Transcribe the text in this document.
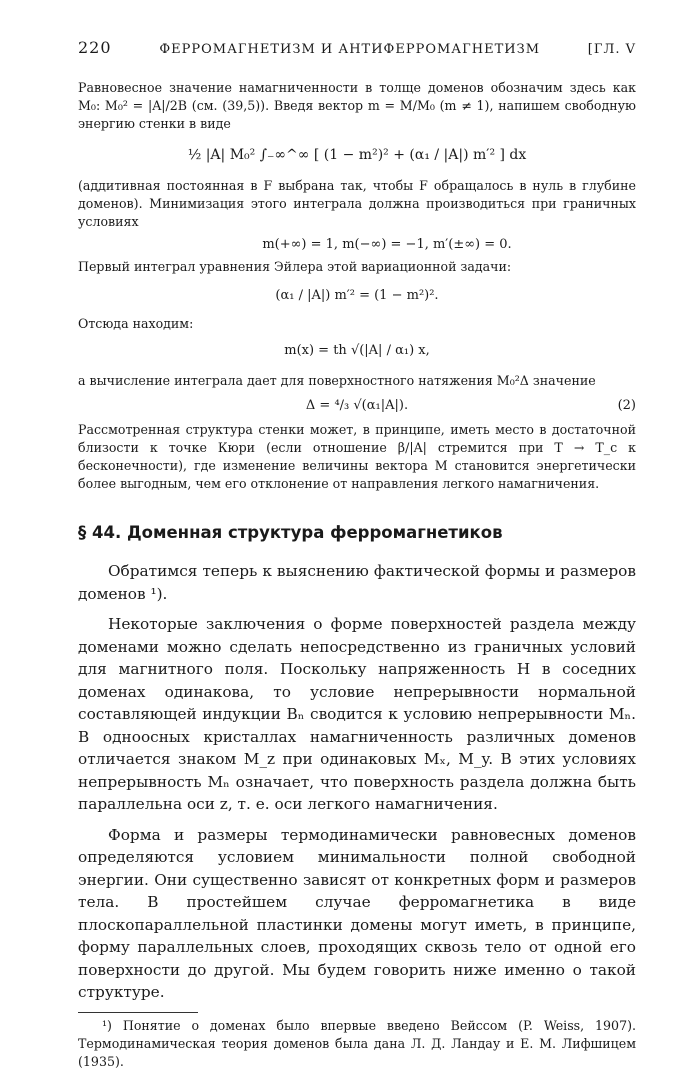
220	ФЕРРОМАГНЕТИЗМ И АНТИФЕРРОМАГНЕТИЗМ	[ГЛ. V

Равновесное значение намагниченности в толще доменов обозначим здесь как M₀: M₀² = |A|/2B (см. (39,5)). Введя вектор m = M/M₀ (m ≠ 1), напишем свободную энергию стенки в виде

½ |A| M₀² ∫₋∞^∞ [ (1 − m²)² + (α₁ / |A|) m′² ] dx

(аддитивная постоянная в F выбрана так, чтобы F обращалось в нуль в глубине доменов). Минимизация этого интеграла должна производиться при граничных условиях

m(+∞) = 1, m(−∞) = −1, m′(±∞) = 0.

Первый интеграл уравнения Эйлера этой вариационной задачи:

(α₁ / |A|) m′² = (1 − m²)².

Отсюда находим:

m(x) = th √(|A| / α₁) x,

а вычисление интеграла дает для поверхностного натяжения M₀²Δ значение

Δ = ⁴/₃ √(α₁|A|).	(2)

Рассмотренная структура стенки может, в принципе, иметь место в достаточной близости к точке Кюри (если отношение β/|A| стремится при T → T_c к бесконечности), где изменение величины вектора M становится энергетически более выгодным, чем его отклонение от направления легкого намагничения.

§ 44. Доменная структура ферромагнетиков

Обратимся теперь к выяснению фактической формы и размеров доменов ¹).

Некоторые заключения о форме поверхностей раздела между доменами можно сделать непосредственно из граничных условий для магнитного поля. Поскольку напряженность H в соседних доменах одинакова, то условие непрерывности нормальной составляющей индукции Bₙ сводится к условию непрерывности Mₙ. В одноосных кристаллах намагниченность различных доменов отличается знаком M_z при одинаковых Mₓ, M_y. В этих условиях непрерывность Mₙ означает, что поверхность раздела должна быть параллельна оси z, т. е. оси легкого намагничения.

Форма и размеры термодинамически равновесных доменов определяются условием минимальности полной свободной энергии. Они существенно зависят от конкретных форм и размеров тела. В простейшем случае ферромагнетика в виде плоскопараллельной пластинки домены могут иметь, в принципе, форму параллельных слоев, проходящих сквозь тело от одной его поверхности до другой. Мы будем говорить ниже именно о такой структуре.

¹) Понятие о доменах было впервые введено Вейссом (P. Weiss, 1907). Термодинамическая теория доменов была дана Л. Д. Ландау и Е. М. Лифшицем (1935).
